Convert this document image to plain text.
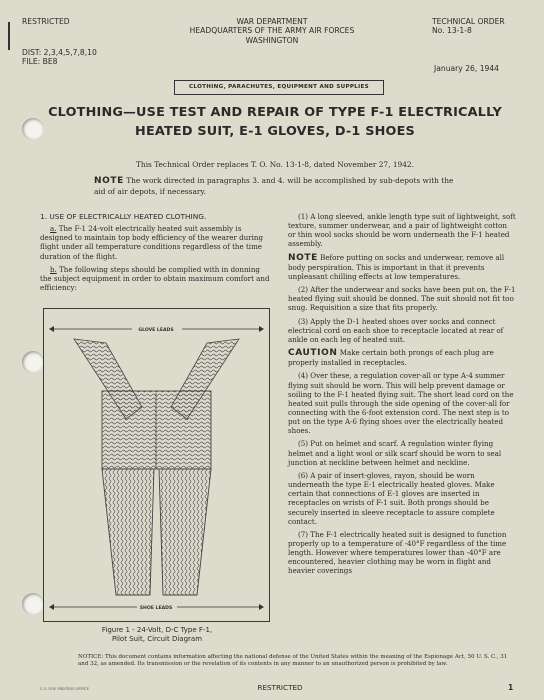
RESTRICTED	WAR DEPARTMENT
HEADQUARTERS OF THE ARMY AIR FORCES
WASHINGTON
TECHNICAL ORDER
No. 13-1-8
DIST: 2,3,4,5,7,8,10
FILE: BE8
January 26, 1944
CLOTHING, PARACHUTES, EQUIPMENT AND SUPPLIES
CLOTHING—USE TEST AND REPAIR OF TYPE F-1 ELECTRICALLY
HEATED SUIT, E-1 GLOVES, D-1 SHOES
This Technical Order replaces T. O. No. 13-1-8, dated November 27, 1942.
NOTE The work directed in paragraphs 3. and 4. will be accomplished by sub-depots with the aid of air depots, if necessary.

1. USE OF ELECTRICALLY HEATED CLOTHING.

a. The F-1 24-volt electrically heated suit assembly is designed to maintain top body efficiency of the wearer during flight under all temperature conditions regardless of the time duration of the flight.

b. The following steps should be complied with in donning the subject equipment in order to obtain maximum comfort and efficiency:

GLOVE LEADS
SHOE LEADS
Figure 1 - 24-Volt, D-C Type F-1,
Pilot Suit, Circuit Diagram

(1) A long sleeved, ankle length type suit of lightweight, soft texture, summer underwear, and a pair of lightweight cotton or thin wool socks should be worn underneath the F-1 heated assembly.

NOTE Before putting on socks and underwear, remove all body perspiration. This is important in that it prevents unpleasant chilling effects at low temperatures.

(2) After the underwear and socks have been put on, the F-1 heated flying suit should be donned. The suit should not fit too snug. Requisition a size that fits properly.

(3) Apply the D-1 heated shoes over socks and connect electrical cord on each shoe to receptacle located at rear of ankle on each leg of heated suit.

CAUTION Make certain both prongs of each plug are properly installed in receptacles.

(4) Over these, a regulation cover-all or type A-4 summer flying suit should be worn. This will help prevent damage or soiling to the F-1 heated flying suit. The short lead cord on the heated suit pulls through the side opening of the cover-all for connecting with the 6-foot extension cord. The next step is to put on the type A-6 flying shoes over the electrically heated shoes.

(5) Put on helmet and scarf. A regulation winter flying helmet and a light wool or silk scarf should be worn to seal junction at neckline between helmet and neckline.

(6) A pair of insert-gloves, rayon, should be worn underneath the type E-1 electrically heated gloves. Make certain that connections of E-1 gloves are inserted in receptacles on wrists of F-1 suit. Both prongs should be securely inserted in sleeve receptacle to assure complete contact.

(7) The F-1 electrically heated suit is designed to function properly up to a temperature of -40°F regardless of the time length. However where temperatures lower than -40°F are encountered, heavier clothing may be worn in flight and heavier coverings

NOTICE: This document contains information affecting the national defense of the United States within the meaning of the Espionage Act, 50 U. S. C., 31 and 32, as amended. Its transmission or the revelation of its contents in any manner to an unauthorized person is prohibited by law.
U. S. GOV. PRINTING OFFICE	RESTRICTED	1
